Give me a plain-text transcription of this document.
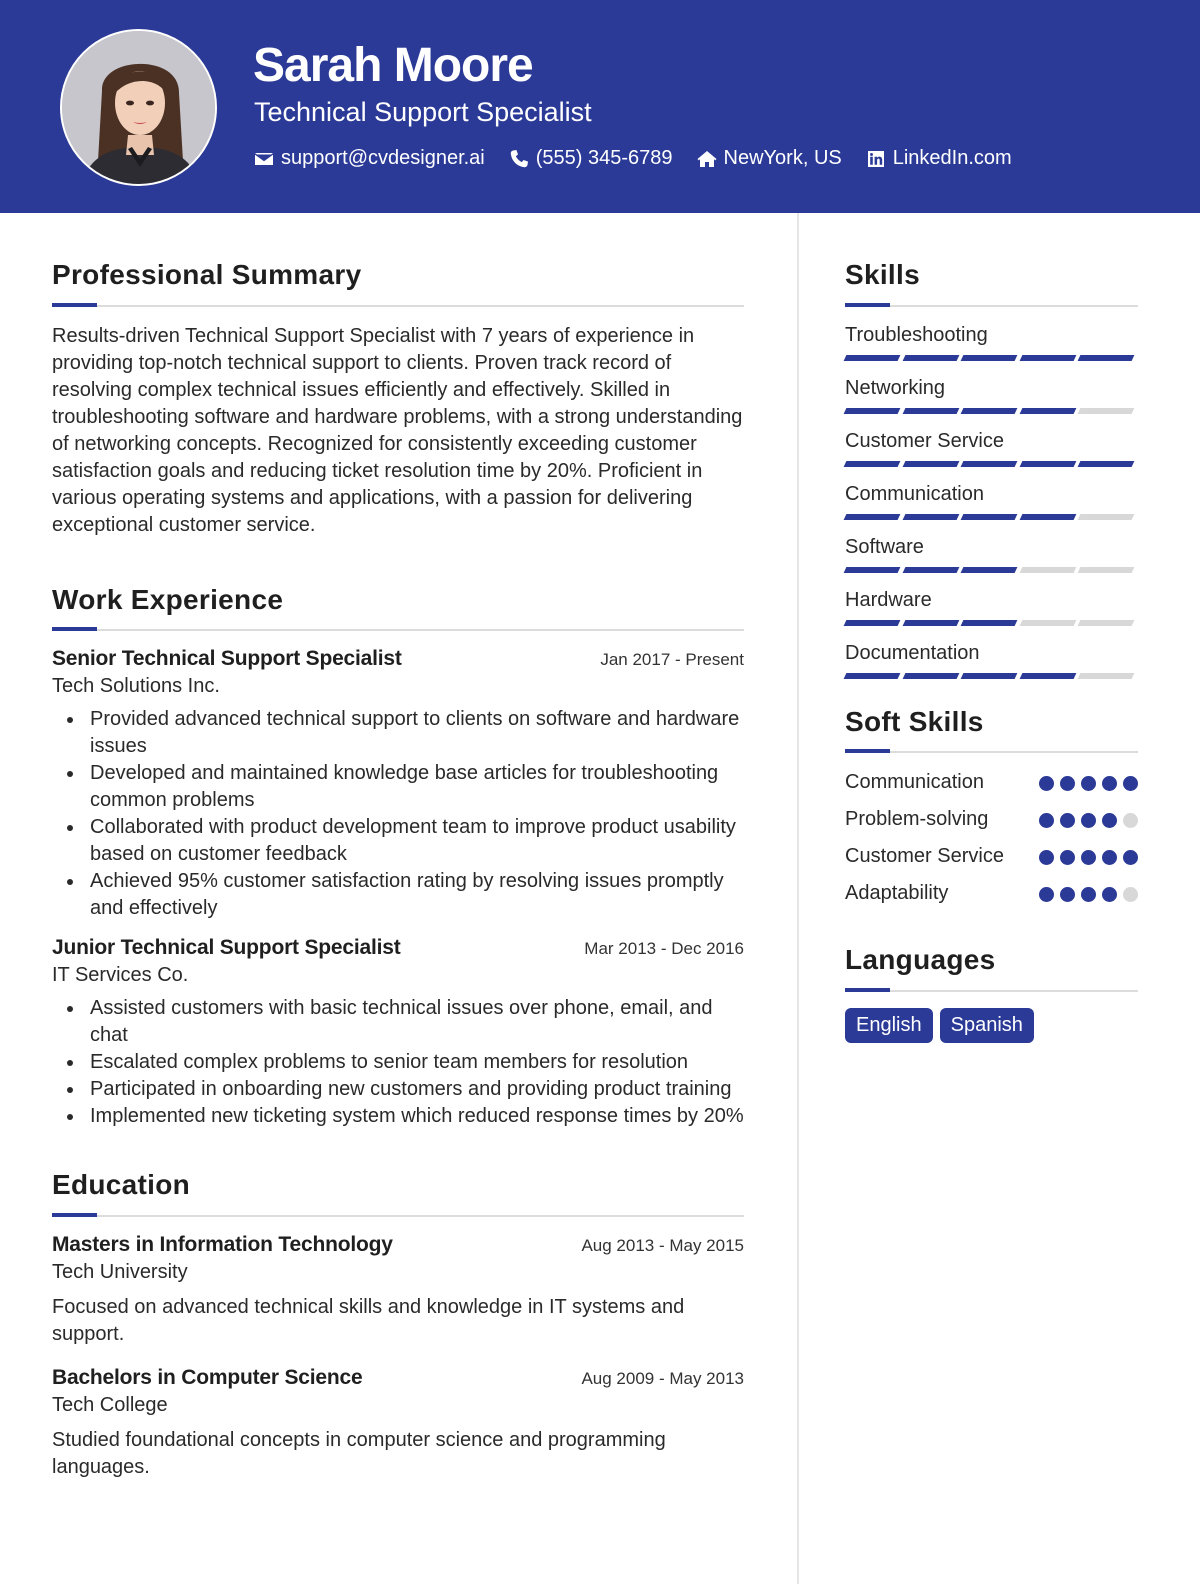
Sarah Moore
Technical Support Specialist
support@cvdesigner.ai	(555) 345-6789	NewYork, US	LinkedIn.com
Professional Summary

Results-driven Technical Support Specialist with 7 years of experience in providing top-notch technical support to clients. Proven track record of resolving complex technical issues efficiently and effectively. Skilled in troubleshooting software and hardware problems, with a strong understanding of networking concepts. Recognized for consistently exceeding customer satisfaction goals and reducing ticket resolution time by 20%. Proficient in various operating systems and applications, with a passion for delivering exceptional customer service.

Work Experience
Senior Technical Support Specialist	Jan 2017 - Present
Tech Solutions Inc.
Provided advanced technical support to clients on software and hardware issues
Developed and maintained knowledge base articles for troubleshooting common problems
Collaborated with product development team to improve product usability based on customer feedback
Achieved 95% customer satisfaction rating by resolving issues promptly and effectively
Junior Technical Support Specialist	Mar 2013 - Dec 2016
IT Services Co.
Assisted customers with basic technical issues over phone, email, and chat
Escalated complex problems to senior team members for resolution
Participated in onboarding new customers and providing product training
Implemented new ticketing system which reduced response times by 20%
Education
Masters in Information Technology	Aug 2013 - May 2015
Tech University

Focused on advanced technical skills and knowledge in IT systems and support.

Bachelors in Computer Science	Aug 2009 - May 2013
Tech College

Studied foundational concepts in computer science and programming languages.

Skills
Troubleshooting
Networking
Customer Service
Communication
Software
Hardware
Documentation
Soft Skills
Communication
Problem-solving
Customer Service
Adaptability
Languages
English	Spanish
